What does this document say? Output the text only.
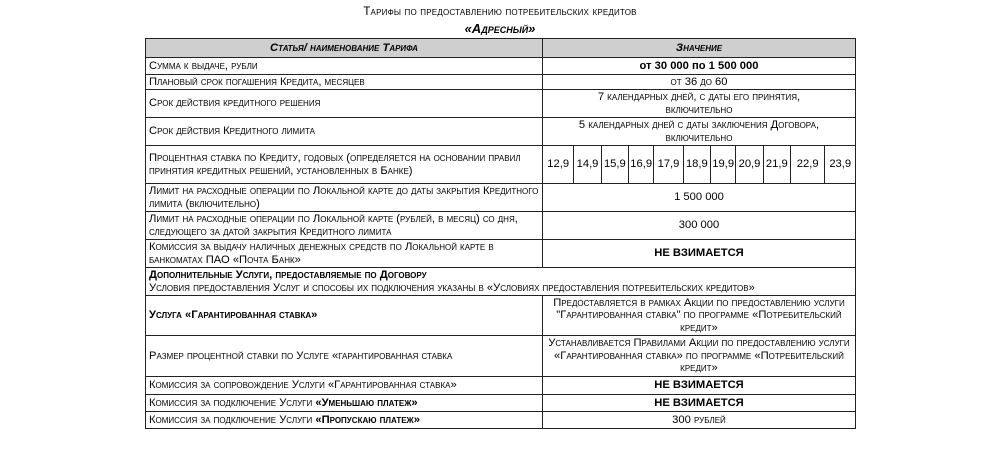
Тарифы по предоставлению потребительских кредитов
«Адресный»
Статья/ наименование Тарифа	Значение										
Сумма к выдаче, рубли	от 30 000 по 1 500 000										
Плановый срок погашения Кредита, месяцев	от 36 до 60										
Срок действия кредитного решения	7 календарных дней, с даты его принятия, включительно										
Срок действия Кредитного лимита	5 календарных дней с даты заключения Договора, включительно										
Процентная ставка по Кредиту, годовых (определяется на основании правил принятия кредитных решений, установленных в Банке)	12,9	14,9	15,9	16,9	17,9	18,9	19,9	20,9	21,9	22,9	23,9
Лимит на расходные операции по Локальной карте до даты закрытия Кредитного лимита (включительно)	1 500 000										
Лимит на расходные операции по Локальной карте (рублей, в месяц) со дня, следующего за датой закрытия Кредитного лимита	300 000										
Комиссия за выдачу наличных денежных средств по Локальной карте в банкоматах ПАО «Почта Банк»	НЕ ВЗИМАЕТСЯ										

Дополнительные Услуги, предоставляемые по Договору
Условия предоставления Услуг и способы их подключения указаны в «Условиях предоставления потребительских кредитов»											

Услуга «Гарантированная ставка»	Предоставляется в рамках Акции по предоставлению услуги "Гарантированная ставка" по программе «Потребительский кредит»										
Размер процентной ставки по Услуге «гарантированная ставка	Устанавливается Правилами Акции по предоставлению услуги «Гарантированная ставка» по программе «Потребительский кредит»										
Комиссия за сопровождение Услуги «Гарантированная ставка»	НЕ ВЗИМАЕТСЯ										
Комиссия за подключение Услуги «Уменьшаю платеж»	НЕ ВЗИМАЕТСЯ										
Комиссия за подключение Услуги «Пропускаю платеж»	300 рублей										
